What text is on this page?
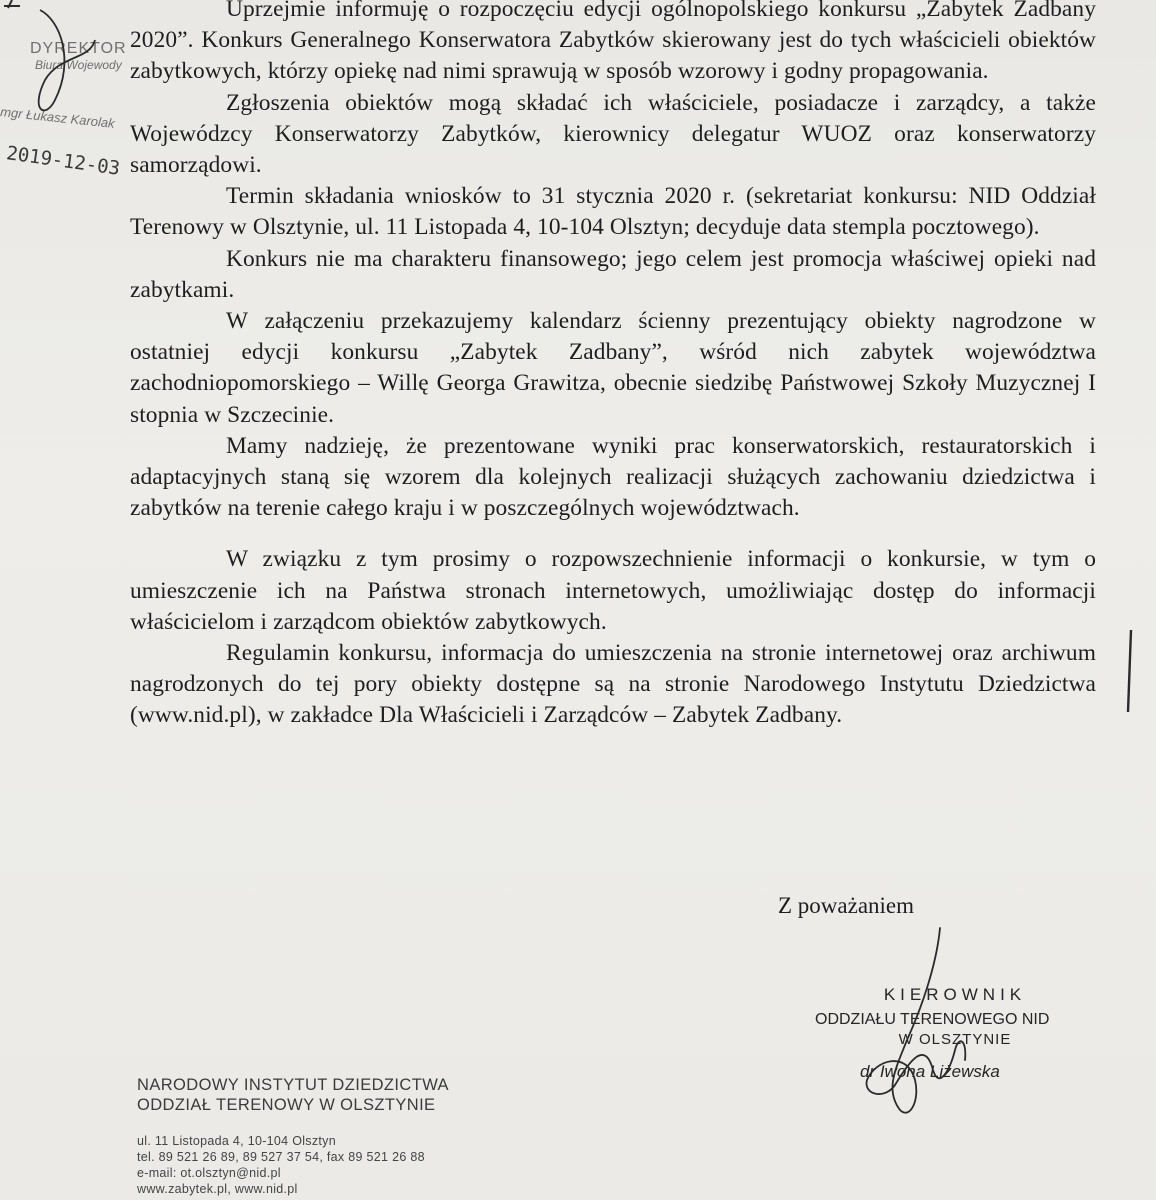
DYREKTOR
Biura Wojewody
mgr Łukasz Karolak
2019-12-03

Uprzejmie informuję o rozpoczęciu edycji ogólnopolskiego konkursu „Zabytek Zadbany 2020”. Konkurs Generalnego Konserwatora Zabytków skierowany jest do tych właścicieli obiektów zabytkowych, którzy opiekę nad nimi sprawują w sposób wzorowy i godny propagowania.

Zgłoszenia obiektów mogą składać ich właściciele, posiadacze i zarządcy, a także Wojewódzcy Konserwatorzy Zabytków, kierownicy delegatur WUOZ oraz konserwatorzy samorządowi.

Termin składania wniosków to 31 stycznia 2020 r. (sekretariat konkursu: NID Oddział Terenowy w Olsztynie, ul. 11 Listopada 4, 10-104 Olsztyn; decyduje data stempla pocztowego).

Konkurs nie ma charakteru finansowego; jego celem jest promocja właściwej opieki nad zabytkami.

W załączeniu przekazujemy kalendarz ścienny prezentujący obiekty nagrodzone w ostatniej edycji konkursu „Zabytek Zadbany”, wśród nich zabytek województwa zachodniopomorskiego – Willę Georga Grawitza, obecnie siedzibę Państwowej Szkoły Muzycznej I stopnia w Szczecinie.

Mamy nadzieję, że prezentowane wyniki prac konserwatorskich, restauratorskich i adaptacyjnych staną się wzorem dla kolejnych realizacji służących zachowaniu dziedzictwa i zabytków na terenie całego kraju i w poszczególnych województwach.

W związku z tym prosimy o rozpowszechnienie informacji o konkursie, w tym o umieszczenie ich na Państwa stronach internetowych, umożliwiając dostęp do informacji właścicielom i zarządcom obiektów zabytkowych.

Regulamin konkursu, informacja do umieszczenia na stronie internetowej oraz archiwum nagrodzonych do tej pory obiekty dostępne są na stronie Narodowego Instytutu Dziedzictwa (www.nid.pl), w zakładce Dla Właścicieli i Zarządców – Zabytek Zadbany.

Z poważaniem
KIEROWNIK
ODDZIAŁU TERENOWEGO NID
W OLSZTYNIE
dr Iwona Liżewska
NARODOWY INSTYTUT DZIEDZICTWA
ODDZIAŁ TERENOWY W OLSZTYNIE
ul. 11 Listopada 4, 10-104 Olsztyn
tel. 89 521 26 89, 89 527 37 54, fax 89 521 26 88
e-mail: ot.olsztyn@nid.pl
www.zabytek.pl, www.nid.pl
